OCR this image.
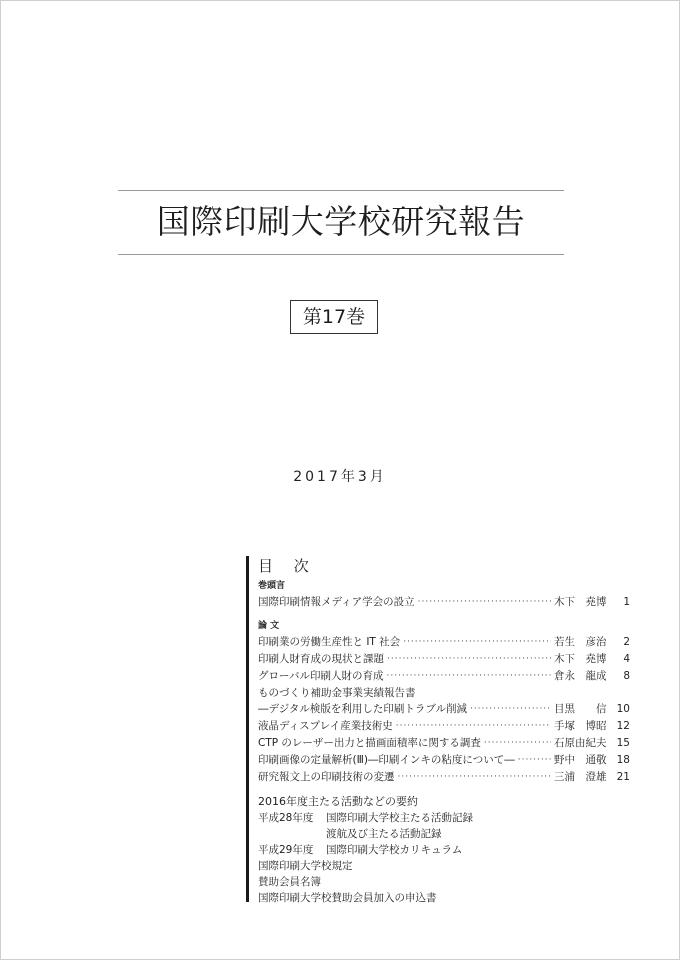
国際印刷大学校研究報告
第17巻
2017年3月
目 次
巻頭言
国際印刷情報メディア学会の設立 ·····	木下　堯博	1
論 文
印刷業の労働生産性と IT 社会 ·····	若生　彦治	2
印刷人財育成の現状と課題 ·····	木下　堯博	4
グローバル印刷人財の育成 ·····	倉永　龍成	8
ものづくり補助金事業実績報告書
―デジタル検版を利用した印刷トラブル削減 ·····	目黒　　信 10
液晶ディスプレイ産業技術史 ·····	手塚　博昭 12
CTP のレーザー出力と描画面積率に関する調査 ·····	石原由紀夫 15
印刷画像の定量解析(Ⅲ)―印刷インキの粘度について― ·····	野中　通敬 18
研究報文上の印刷技術の変遷 ·····	三浦　澄雄 21
2016年度主たる活動などの要約
平成28年度 国際印刷大学校主たる活動記録
渡航及び主たる活動記録
平成29年度 国際印刷大学校カリキュラム
国際印刷大学校規定
賛助会員名簿
国際印刷大学校賛助会員加入の申込書
